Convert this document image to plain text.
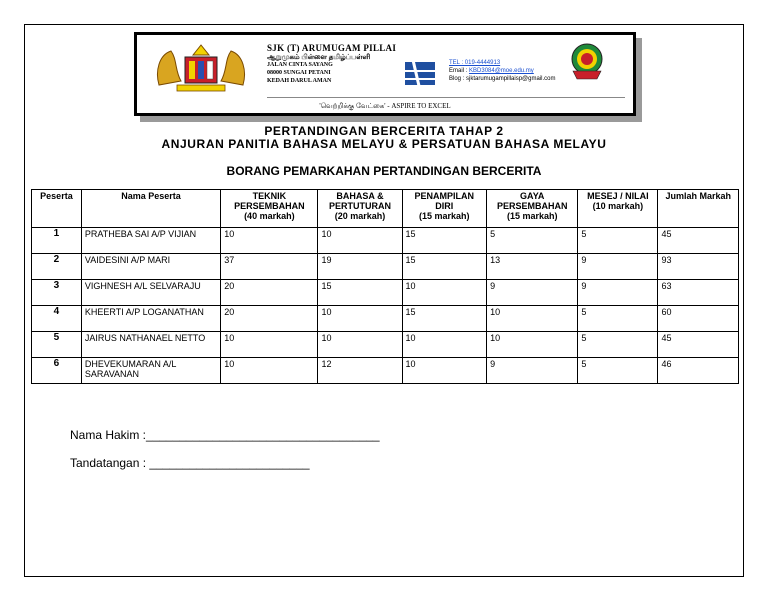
SJK (T) ARUMUGAM PILLAI
ஆறுமுகம் பிள்ளை தமிழ்ப்பள்ளி
JALAN CINTA SAYANG
08000 SUNGAI PETANI
KEDAH DARUL AMAN
TEL : 019-4444913
Email : KBD3084@moe.edu.my
Blog : sjktarumugampillaisp@gmail.com
'வெற்றிக்கு வேட்கை' - ASPIRE TO EXCEL
PERTANDINGAN BERCERITA TAHAP 2
ANJURAN PANITIA BAHASA MELAYU & PERSATUAN BAHASA MELAYU
BORANG PEMARKAHAN PERTANDINGAN BERCERITA
Peserta	Nama Peserta	TEKNIK
PERSEMBAHAN
(40 markah)	BAHASA &
PERTUTURAN
(20 markah)	PENAMPILAN
DIRI
(15 markah)	GAYA
PERSEMBAHAN
(15 markah)	MESEJ / NILAI
(10 markah)	Jumlah Markah
1	PRATHEBA SAI A/P VIJIAN	10	10	15	5	5	45
2	VAIDESINI A/P MARI	37	19	15	13	9	93
3	VIGHNESH A/L SELVARAJU	20	15	10	9	9	63
4	KHEERTI A/P LOGANATHAN	20	10	15	10	5	60
5	JAIRUS NATHANAEL NETTO	10	10	10	10	5	45
6	DHEVEKUMARAN A/L SARAVANAN	10	12	10	9	5	46
Nama Hakim :___________________________________
Tandatangan : ________________________
